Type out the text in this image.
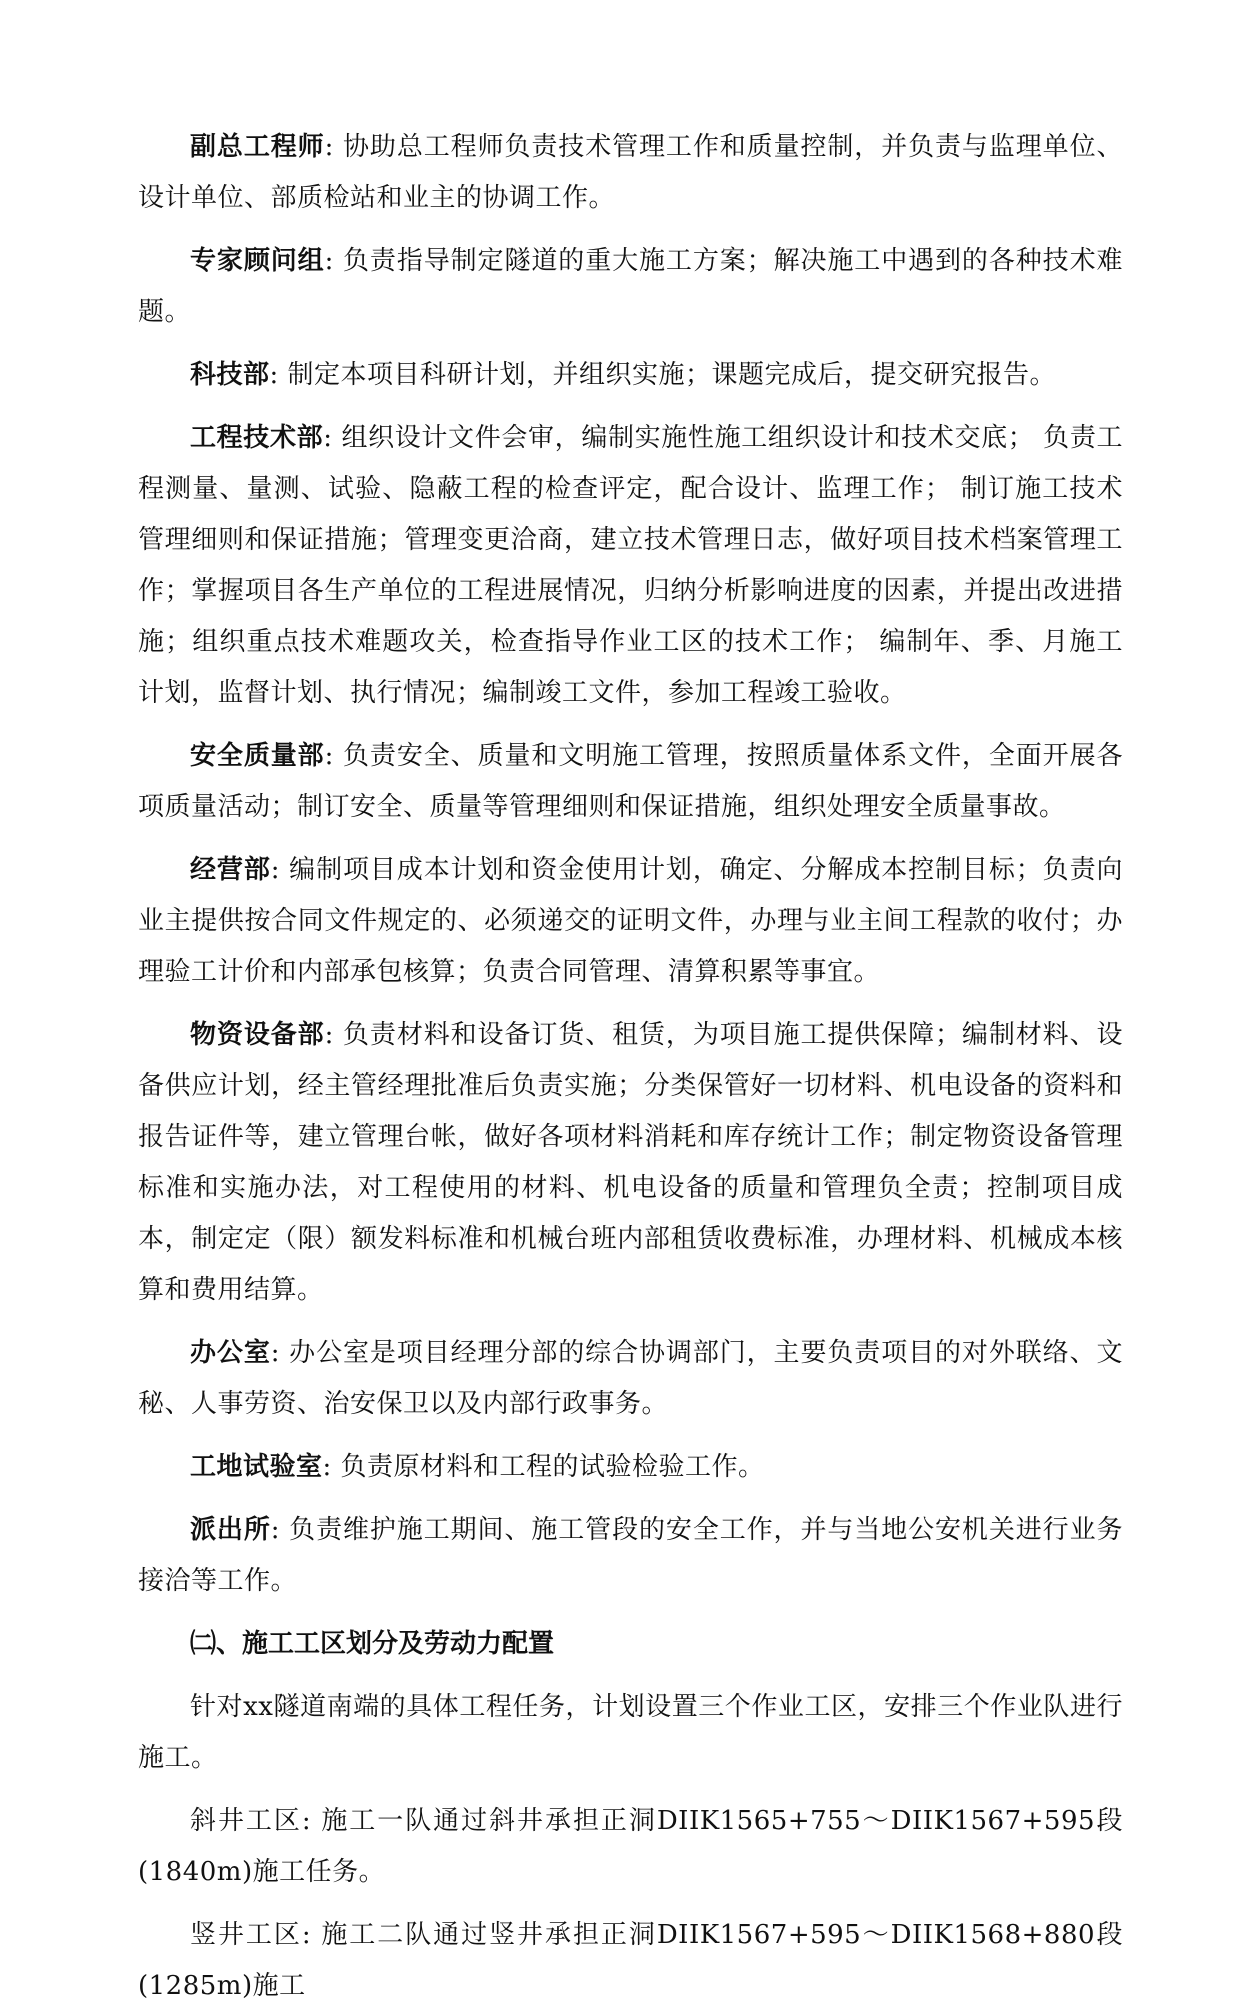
副总工程师: 协助总工程师负责技术管理工作和质量控制，并负责与监理单位、设计单位、部质检站和业主的协调工作。

专家顾问组: 负责指导制定隧道的重大施工方案；解决施工中遇到的各种技术难题。

科技部: 制定本项目科研计划，并组织实施；课题完成后，提交研究报告。

工程技术部: 组织设计文件会审，编制实施性施工组织设计和技术交底； 负责工程测量、量测、试验、隐蔽工程的检查评定，配合设计、监理工作； 制订施工技术管理细则和保证措施；管理变更洽商，建立技术管理日志，做好项目技术档案管理工作；掌握项目各生产单位的工程进展情况，归纳分析影响进度的因素，并提出改进措施；组织重点技术难题攻关，检查指导作业工区的技术工作； 编制年、季、月施工计划，监督计划、执行情况；编制竣工文件，参加工程竣工验收。

安全质量部: 负责安全、质量和文明施工管理，按照质量体系文件，全面开展各项质量活动；制订安全、质量等管理细则和保证措施，组织处理安全质量事故。

经营部: 编制项目成本计划和资金使用计划，确定、分解成本控制目标；负责向业主提供按合同文件规定的、必须递交的证明文件，办理与业主间工程款的收付；办理验工计价和内部承包核算；负责合同管理、清算积累等事宜。

物资设备部: 负责材料和设备订货、租赁，为项目施工提供保障；编制材料、设备供应计划，经主管经理批准后负责实施；分类保管好一切材料、机电设备的资料和报告证件等，建立管理台帐，做好各项材料消耗和库存统计工作；制定物资设备管理标准和实施办法，对工程使用的材料、机电设备的质量和管理负全责；控制项目成本，制定定（限）额发料标准和机械台班内部租赁收费标准，办理材料、机械成本核算和费用结算。

办公室: 办公室是项目经理分部的综合协调部门，主要负责项目的对外联络、文秘、人事劳资、治安保卫以及内部行政事务。

工地试验室: 负责原材料和工程的试验检验工作。

派出所: 负责维护施工期间、施工管段的安全工作，并与当地公安机关进行业务接洽等工作。

㈡、施工工区划分及劳动力配置

针对xx隧道南端的具体工程任务，计划设置三个作业工区，安排三个作业队进行施工。

斜井工区: 施工一队通过斜井承担正洞DIIK1565+755～DIIK1567+595段(1840m)施工任务。

竖井工区: 施工二队通过竖井承担正洞DIIK1567+595～DIIK1568+880段(1285m)施工
